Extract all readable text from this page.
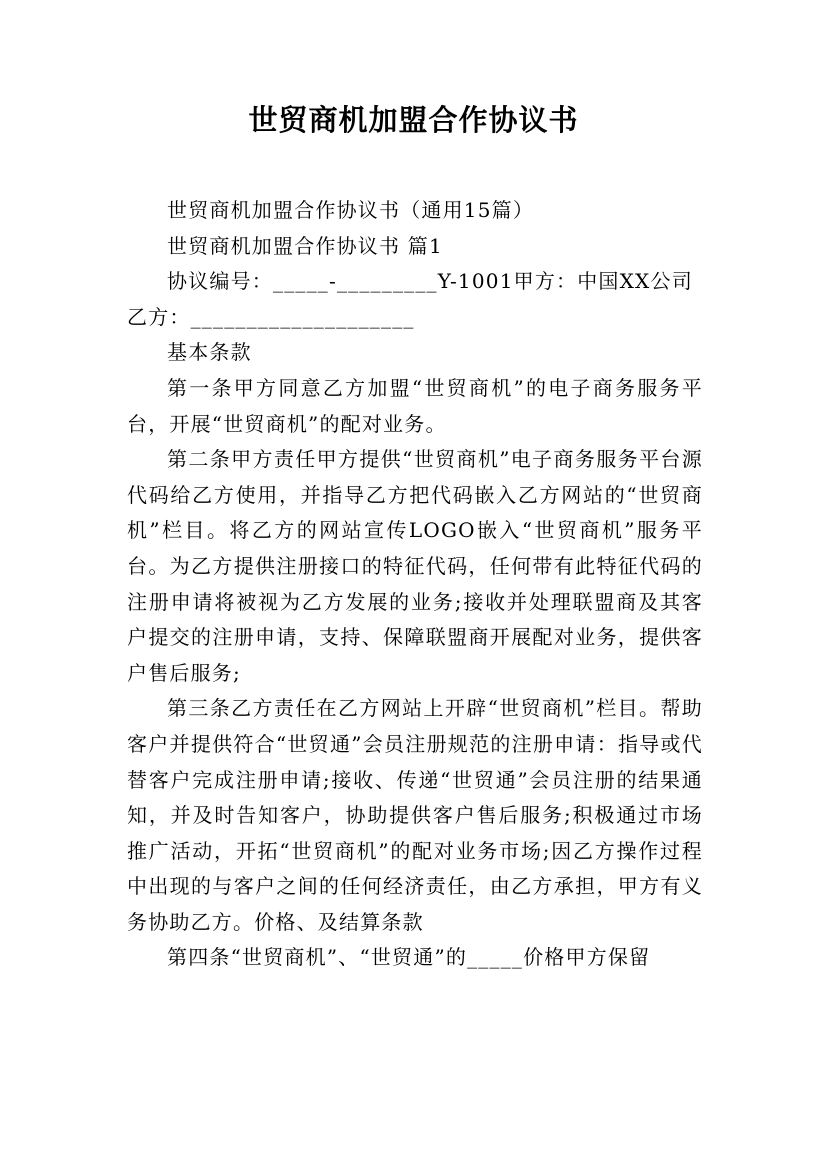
世贸商机加盟合作协议书

世贸商机加盟合作协议书（通用15篇）

世贸商机加盟合作协议书 篇1

协议编号：_____-_________Y-1001甲方：中国XX公司

乙方：____________________

基本条款

第一条甲方同意乙方加盟“世贸商机”的电子商务服务平台，开展“世贸商机”的配对业务。

第二条甲方责任甲方提供“世贸商机”电子商务服务平台源代码给乙方使用，并指导乙方把代码嵌入乙方网站的“世贸商机”栏目。将乙方的网站宣传LOGO嵌入“世贸商机”服务平台。为乙方提供注册接口的特征代码，任何带有此特征代码的注册申请将被视为乙方发展的业务;接收并处理联盟商及其客户提交的注册申请，支持、保障联盟商开展配对业务，提供客户售后服务;

第三条乙方责任在乙方网站上开辟“世贸商机”栏目。帮助客户并提供符合“世贸通”会员注册规范的注册申请：指导或代替客户完成注册申请;接收、传递“世贸通”会员注册的结果通知，并及时告知客户，协助提供客户售后服务;积极通过市场推广活动，开拓“世贸商机”的配对业务市场;因乙方操作过程中出现的与客户之间的任何经济责任，由乙方承担，甲方有义务协助乙方。价格、及结算条款

第四条“世贸商机”、“世贸通”的_____价格甲方保留
